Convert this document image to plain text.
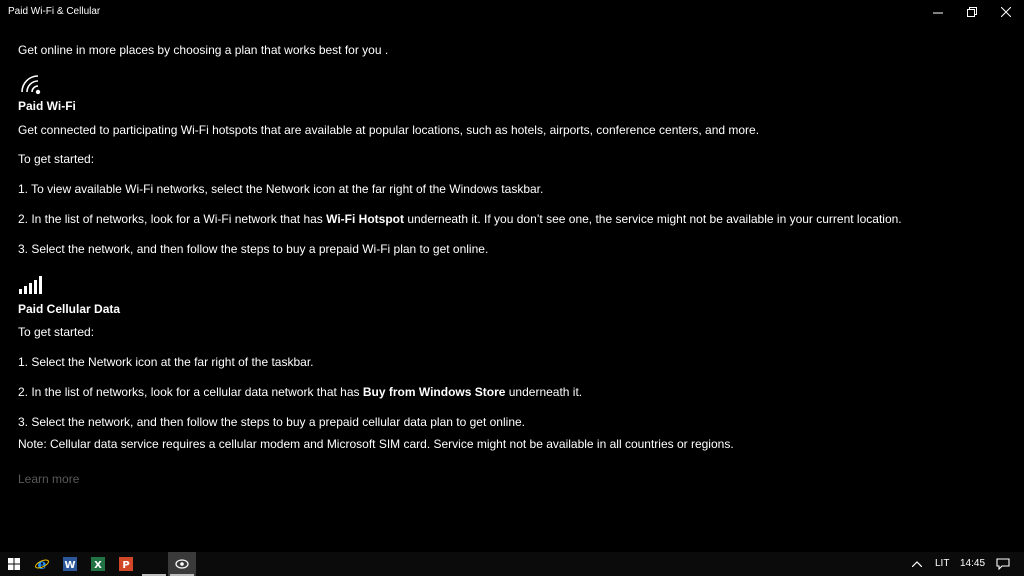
Paid Wi-Fi & Cellular
Get online in more places by choosing a plan that works best for you .
Paid Wi-Fi
Get connected to participating Wi-Fi hotspots that are available at popular locations, such as hotels, airports, conference centers, and more.
To get started:
1. To view available Wi-Fi networks, select the Network icon at the far right of the Windows taskbar.
2. In the list of networks, look for a Wi-Fi network that has Wi-Fi Hotspot underneath it. If you don’t see one, the service might not be available in your current location.
3. Select the network, and then follow the steps to buy a prepaid Wi-Fi plan to get online.
Paid Cellular Data
To get started:
1. Select the Network icon at the far right of the taskbar.
2. In the list of networks, look for a cellular data network that has Buy from Windows Store underneath it.
3. Select the network, and then follow the steps to buy a prepaid cellular data plan to get online.
Note: Cellular data service requires a cellular modem and Microsoft SIM card. Service might not be available in all countries or regions.
Learn more
e W X P	LIT 14:45
